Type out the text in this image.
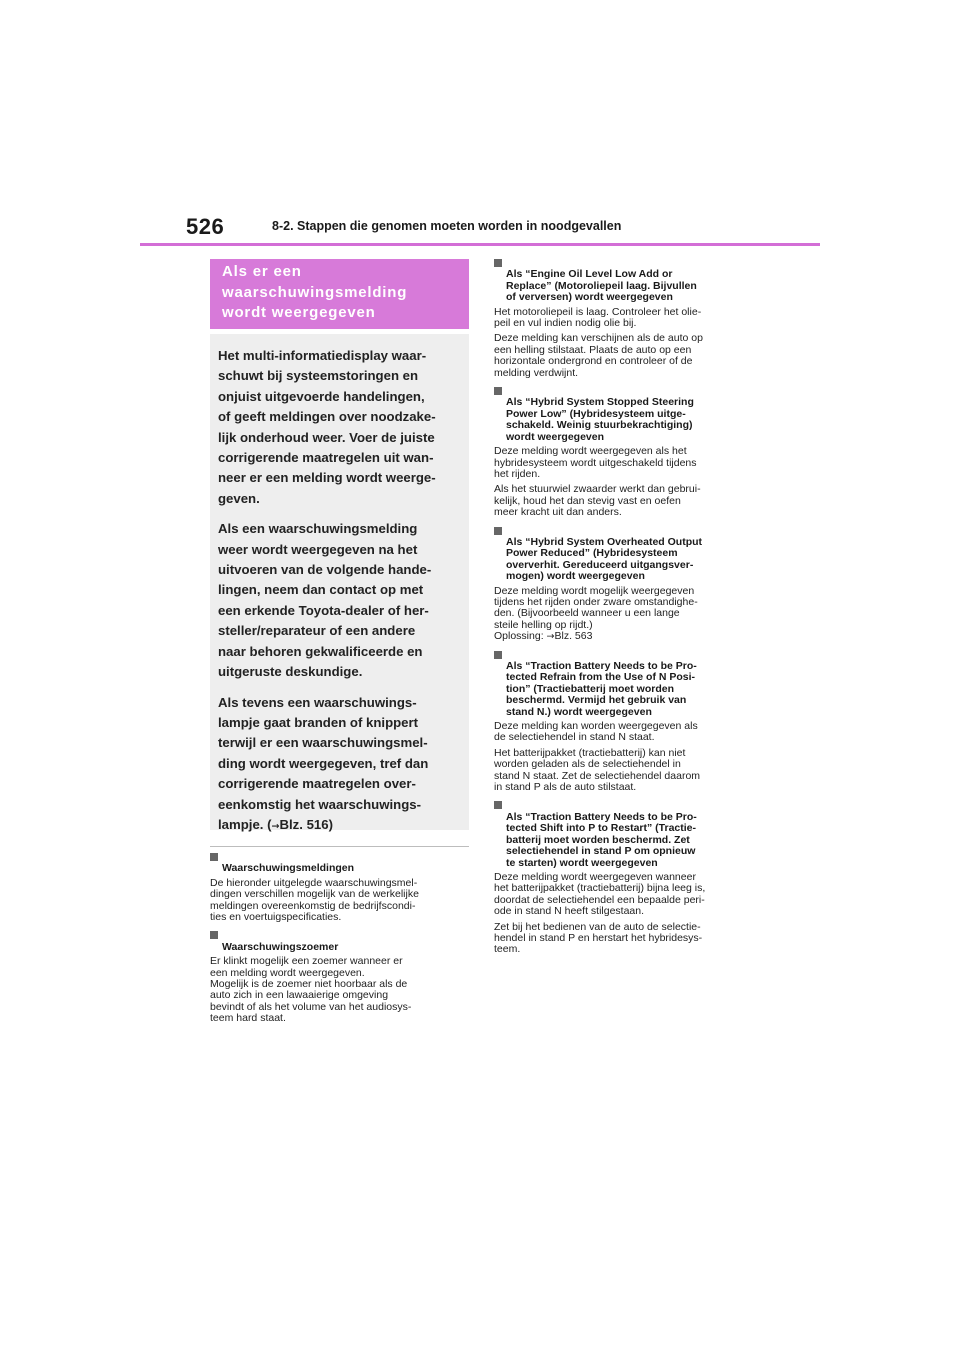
526	8-2. Stappen die genomen moeten worden in noodgevallen
Als er een
waarschuwingsmelding
wordt weergegeven

Het multi-informatiedisplay waar-
schuwt bij systeemstoringen en
onjuist uitgevoerde handelingen,
of geeft meldingen over noodzake-
lijk onderhoud weer. Voer de juiste
corrigerende maatregelen uit wan-
neer er een melding wordt weerge-
geven.

Als een waarschuwingsmelding
weer wordt weergegeven na het
uitvoeren van de volgende hande-
lingen, neem dan contact op met
een erkende Toyota-dealer of her-
steller/reparateur of een andere
naar behoren gekwalificeerde en
uitgeruste deskundige.

Als tevens een waarschuwings-
lampje gaat branden of knippert
terwijl er een waarschuwingsmel-
ding wordt weergegeven, tref dan
corrigerende maatregelen over-
eenkomstig het waarschuwings-
lampje. (→Blz. 516)

Waarschuwingsmeldingen

De hieronder uitgelegde waarschuwingsmel-
dingen verschillen mogelijk van de werkelijke
meldingen overeenkomstig de bedrijfscondi-
ties en voertuigspecificaties.

Waarschuwingszoemer

Er klinkt mogelijk een zoemer wanneer er
een melding wordt weergegeven.
Mogelijk is de zoemer niet hoorbaar als de
auto zich in een lawaaierige omgeving
bevindt of als het volume van het audiosys-
teem hard staat.

Als “Engine Oil Level Low Add or
Replace” (Motoroliepeil laag. Bijvullen
of verversen) wordt weergegeven

Het motoroliepeil is laag. Controleer het olie-
peil en vul indien nodig olie bij.
Deze melding kan verschijnen als de auto op
een helling stilstaat. Plaats de auto op een
horizontale ondergrond en controleer of de
melding verdwijnt.

Als “Hybrid System Stopped Steering
Power Low” (Hybridesysteem uitge-
schakeld. Weinig stuurbekrachtiging)
wordt weergegeven

Deze melding wordt weergegeven als het
hybridesysteem wordt uitgeschakeld tijdens
het rijden.
Als het stuurwiel zwaarder werkt dan gebrui-
kelijk, houd het dan stevig vast en oefen
meer kracht uit dan anders.

Als “Hybrid System Overheated Output
Power Reduced” (Hybridesysteem
oververhit. Gereduceerd uitgangsver-
mogen) wordt weergegeven

Deze melding wordt mogelijk weergegeven
tijdens het rijden onder zware omstandighe-
den. (Bijvoorbeeld wanneer u een lange
steile helling op rijdt.)
Oplossing: →Blz. 563

Als “Traction Battery Needs to be Pro-
tected Refrain from the Use of N Posi-
tion” (Tractiebatterij moet worden
beschermd. Vermijd het gebruik van
stand N.) wordt weergegeven

Deze melding kan worden weergegeven als
de selectiehendel in stand N staat.
Het batterijpakket (tractiebatterij) kan niet
worden geladen als de selectiehendel in
stand N staat. Zet de selectiehendel daarom
in stand P als de auto stilstaat.

Als “Traction Battery Needs to be Pro-
tected Shift into P to Restart” (Tractie-
batterij moet worden beschermd. Zet
selectiehendel in stand P om opnieuw
te starten) wordt weergegeven

Deze melding wordt weergegeven wanneer
het batterijpakket (tractiebatterij) bijna leeg is,
doordat de selectiehendel een bepaalde peri-
ode in stand N heeft stilgestaan.
Zet bij het bedienen van de auto de selectie-
hendel in stand P en herstart het hybridesys-
teem.
